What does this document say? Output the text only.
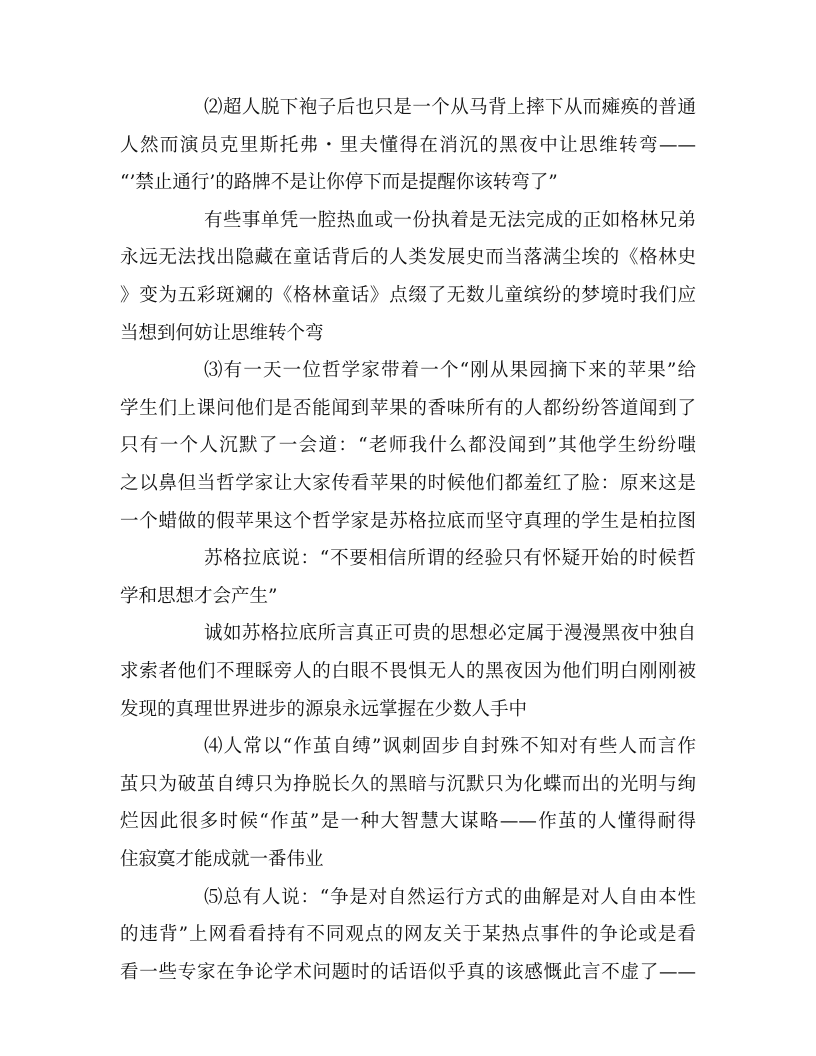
⑵超人脱下袍子后也只是一个从马背上摔下从而瘫痪的普通
人然而演员克里斯托弗・里夫懂得在消沉的黑夜中让思维转弯——
“’禁止通行’的路牌不是让你停下而是提醒你该转弯了”
有些事单凭一腔热血或一份执着是无法完成的正如格林兄弟
永远无法找出隐藏在童话背后的人类发展史而当落满尘埃的《格林史
》变为五彩斑斓的《格林童话》点缀了无数儿童缤纷的梦境时我们应
当想到何妨让思维转个弯
⑶有一天一位哲学家带着一个“刚从果园摘下来的苹果”给
学生们上课问他们是否能闻到苹果的香味所有的人都纷纷答道闻到了
只有一个人沉默了一会道：“老师我什么都没闻到”其他学生纷纷嗤
之以鼻但当哲学家让大家传看苹果的时候他们都羞红了脸：原来这是
一个蜡做的假苹果这个哲学家是苏格拉底而坚守真理的学生是柏拉图
苏格拉底说：“不要相信所谓的经验只有怀疑开始的时候哲
学和思想才会产生”
诚如苏格拉底所言真正可贵的思想必定属于漫漫黑夜中独自
求索者他们不理睬旁人的白眼不畏惧无人的黑夜因为他们明白刚刚被
发现的真理世界进步的源泉永远掌握在少数人手中
⑷人常以“作茧自缚”讽刺固步自封殊不知对有些人而言作
茧只为破茧自缚只为挣脱长久的黑暗与沉默只为化蝶而出的光明与绚
烂因此很多时候“作茧”是一种大智慧大谋略——作茧的人懂得耐得
住寂寞才能成就一番伟业
⑸总有人说：“争是对自然运行方式的曲解是对人自由本性
的违背”上网看看持有不同观点的网友关于某热点事件的争论或是看
看一些专家在争论学术问题时的话语似乎真的该感慨此言不虚了——
